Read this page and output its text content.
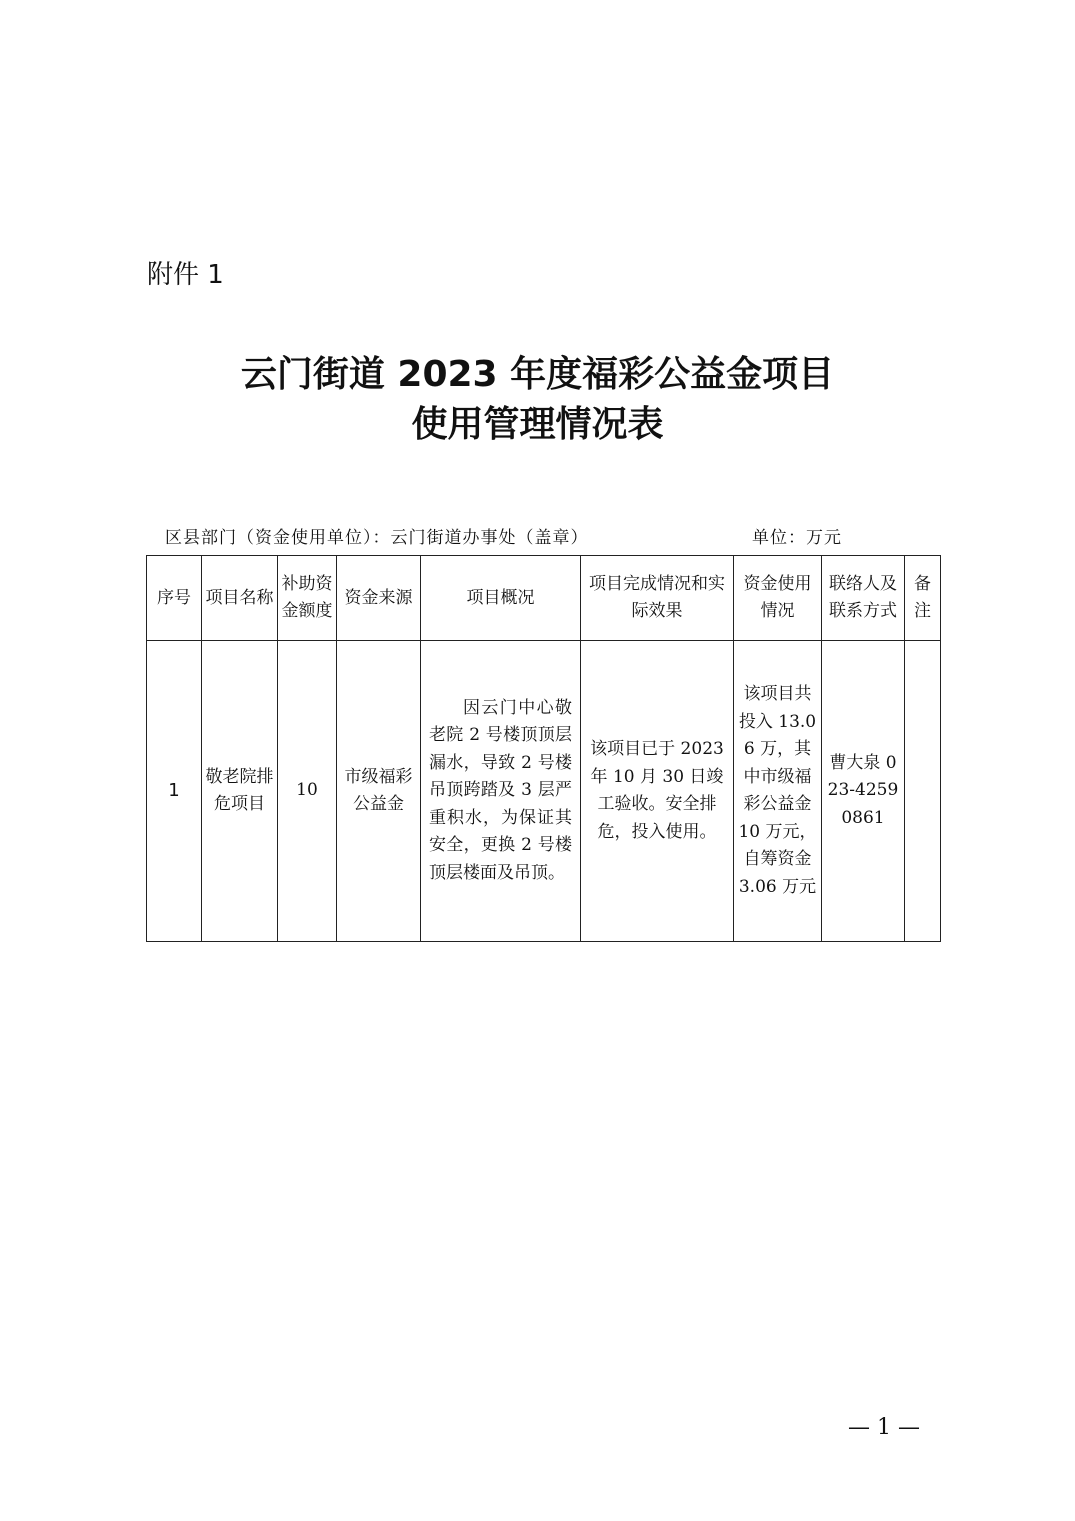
附件 1
云门街道 2023 年度福彩公益金项目
使用管理情况表
区县部门（资金使用单位）：云门街道办事处（盖章）	单位：万元
序号	项目名称	补助资金额度	资金来源	项目概况	项目完成情况和实际效果	资金使用情况	联络人及联系方式	备注
1	敬老院排危项目	10	市级福彩公益金	因云门中心敬老院 2 号楼顶顶层漏水，导致 2 号楼吊顶跨踏及 3 层严重积水，为保证其安全，更换 2 号楼顶层楼面及吊顶。	该项目已于 2023 年 10 月 30 日竣工验收。安全排危，投入使用。	该项目共投入 13.06 万，其中市级福彩公益金 10 万元，自筹资金 3.06 万元	曹大泉 023-42590861	
— 1 —
